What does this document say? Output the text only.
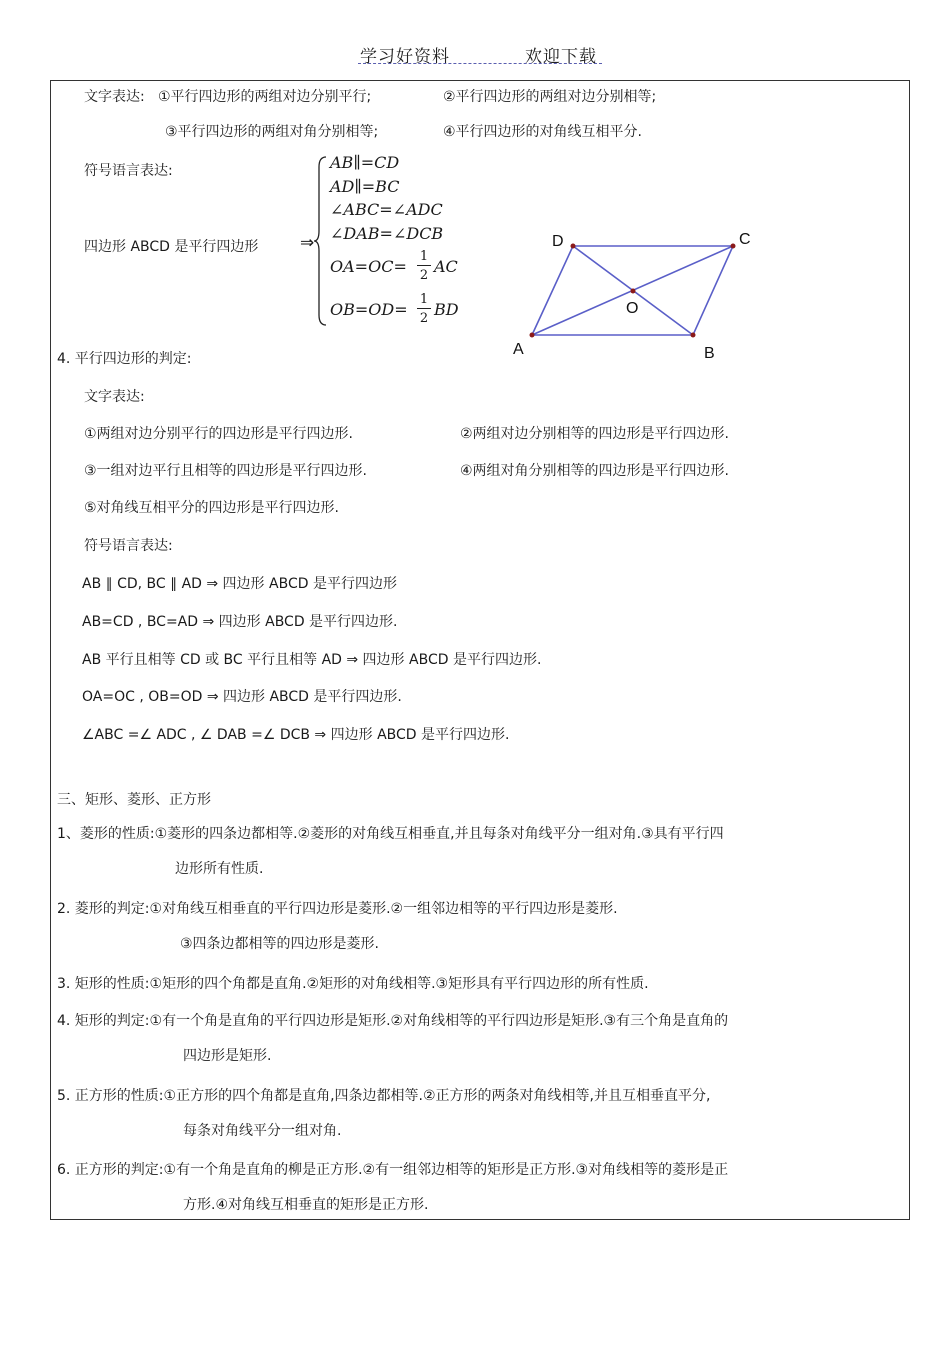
学习好资料	欢迎下载
文字表达: ①平行四边形的两组对边分别平行;	②平行四边形的两组对边分别相等;
③平行四边形的两组对角分别相等;	④平行四边形的对角线互相平分.
符号语言表达:
四边形 ABCD 是平行四边形 ⇒
AB∥=CD
AD∥=BC
∠ABC=∠ADC
∠DAB=∠DCB
OA=OC=
1
2 AC
OB=OD=
1
2 BD
A	B
C
D
O
4. 平行四边形的判定:
文字表达:
①两组对边分别平行的四边形是平行四边形.	②两组对边分别相等的四边形是平行四边形.
③一组对边平行且相等的四边形是平行四边形.	④两组对角分别相等的四边形是平行四边形.
⑤对角线互相平分的四边形是平行四边形.
符号语言表达:
AB ∥ CD, BC ∥ AD ⇒ 四边形 ABCD 是平行四边形
AB=CD , BC=AD ⇒ 四边形 ABCD 是平行四边形.
AB 平行且相等 CD 或 BC 平行且相等 AD ⇒ 四边形 ABCD 是平行四边形.
OA=OC , OB=OD ⇒ 四边形 ABCD 是平行四边形.
∠ABC =∠ ADC , ∠ DAB =∠ DCB ⇒ 四边形 ABCD 是平行四边形.
三、矩形、菱形、正方形
1、菱形的性质:①菱形的四条边都相等.②菱形的对角线互相垂直,并且每条对角线平分一组对角.③具有平行四
边形所有性质.
2. 菱形的判定:①对角线互相垂直的平行四边形是菱形.②一组邻边相等的平行四边形是菱形.
③四条边都相等的四边形是菱形.
3. 矩形的性质:①矩形的四个角都是直角.②矩形的对角线相等.③矩形具有平行四边形的所有性质.
4. 矩形的判定:①有一个角是直角的平行四边形是矩形.②对角线相等的平行四边形是矩形.③有三个角是直角的
四边形是矩形.
5. 正方形的性质:①正方形的四个角都是直角,四条边都相等.②正方形的两条对角线相等,并且互相垂直平分,
每条对角线平分一组对角.
6. 正方形的判定:①有一个角是直角的柳是正方形.②有一组邻边相等的矩形是正方形.③对角线相等的菱形是正
方形.④对角线互相垂直的矩形是正方形.
